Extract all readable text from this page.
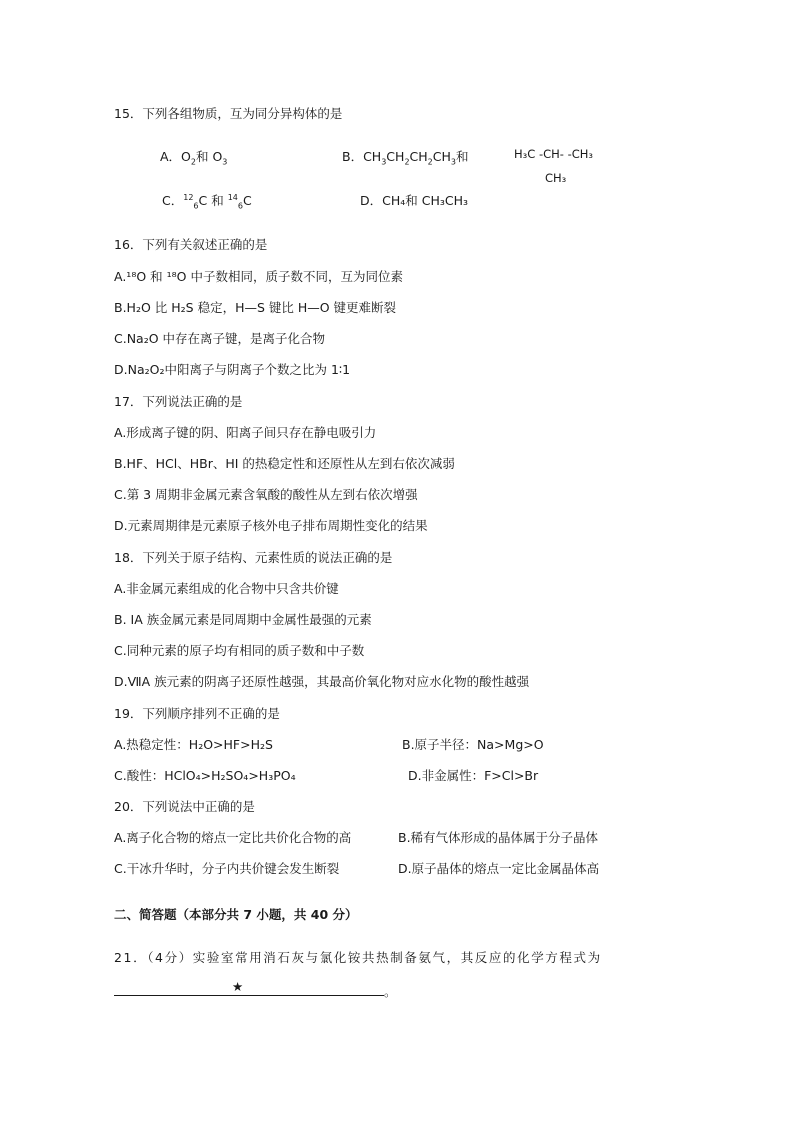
15．下列各组物质，互为同分异构体的是
A．$O_2$和 $O_3$	B．$CH_3CH_2CH_2CH_3$和	H₃C -CH- -CH₃
CH₃
C．$^{12}_6$C 和 $^{14}_6$C	D．CH₄和 CH₃CH₃
16．下列有关叙述正确的是
A.¹⁸O 和 ¹⁸O 中子数相同，质子数不同，互为同位素
B.H₂O 比 H₂S 稳定，H—S 键比 H—O 键更难断裂
C.Na₂O 中存在离子键，是离子化合物
D.Na₂O₂中阳离子与阴离子个数之比为 1∶1
17．下列说法正确的是
A.形成离子键的阴、阳离子间只存在静电吸引力
B.HF、HCl、HBr、HI 的热稳定性和还原性从左到右依次减弱
C.第 3 周期非金属元素含氧酸的酸性从左到右依次增强
D.元素周期律是元素原子核外电子排布周期性变化的结果
18．下列关于原子结构、元素性质的说法正确的是
A.非金属元素组成的化合物中只含共价键
B. ⅠA 族金属元素是同周期中金属性最强的元素
C.同种元素的原子均有相同的质子数和中子数
D.ⅦA 族元素的阴离子还原性越强，其最高价氧化物对应水化物的酸性越强
19．下列顺序排列不正确的是
A.热稳定性：H₂O>HF>H₂S	B.原子半径：Na>Mg>O
C.酸性：HClO₄>H₂SO₄>H₃PO₄	D.非金属性：F>Cl>Br
20．下列说法中正确的是
A.离子化合物的熔点一定比共价化合物的高	B.稀有气体形成的晶体属于分子晶体
C.干冰升华时，分子内共价键会发生断裂	D.原子晶体的熔点一定比金属晶体高
二、简答题（本部分共 7 小题，共 40 分）
21．（4分）实验室常用消石灰与氯化铵共热制备氨气，其反应的化学方程式为
★	。
